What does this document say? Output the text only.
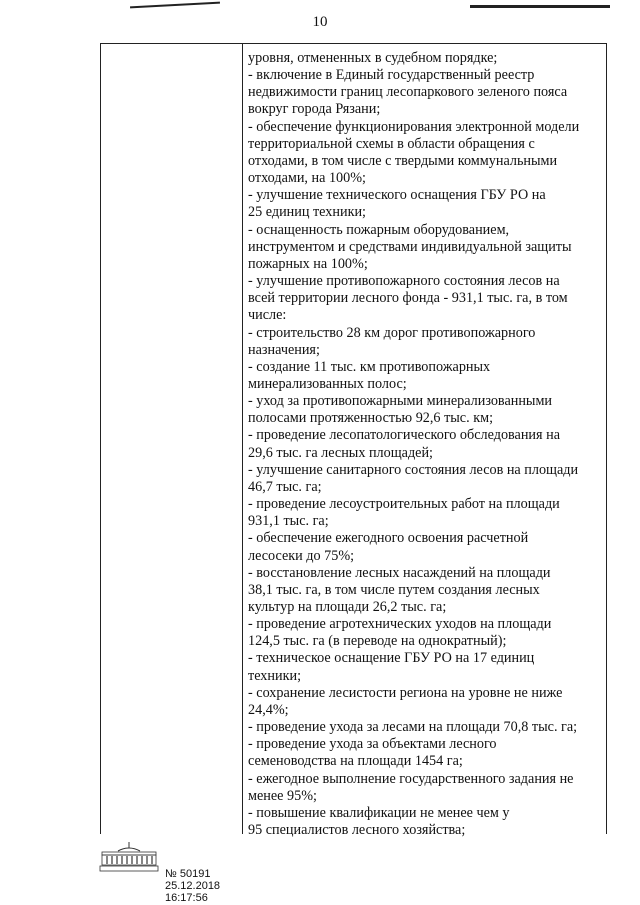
10
уровня, отмененных в судебном порядке;
- включение в Единый государственный реестр
недвижимости границ лесопаркового зеленого пояса
вокруг города Рязани;
- обеспечение функционирования электронной модели
территориальной схемы в области обращения с
отходами, в том числе с твердыми коммунальными
отходами, на 100%;
- улучшение технического оснащения ГБУ РО на
25 единиц техники;
- оснащенность пожарным оборудованием,
инструментом и средствами индивидуальной защиты
пожарных на 100%;
- улучшение противопожарного состояния лесов на
всей территории лесного фонда - 931,1 тыс. га, в том
числе:
- строительство 28 км дорог противопожарного
назначения;
- создание 11 тыс. км противопожарных
минерализованных полос;
- уход за противопожарными минерализованными
полосами протяженностью 92,6 тыс. км;
- проведение лесопатологического обследования на
29,6 тыс. га лесных площадей;
- улучшение санитарного состояния лесов на площади
46,7 тыс. га;
- проведение лесоустроительных работ на площади
931,1 тыс. га;
- обеспечение ежегодного освоения расчетной
лесосеки до 75%;
- восстановление лесных насаждений на площади
38,1 тыс. га, в том числе путем создания лесных
культур на площади 26,2 тыс. га;
- проведение агротехнических уходов на площади
124,5 тыс. га (в переводе на однократный);
- техническое оснащение ГБУ РО на 17 единиц
техники;
- сохранение лесистости региона на уровне не ниже
24,4%;
- проведение ухода за лесами на площади 70,8 тыс. га;
- проведение ухода за объектами лесного
семеноводства на площади 1454 га;
- ежегодное выполнение государственного задания не
менее 95%;
- повышение квалификации не менее чем у
95 специалистов лесного хозяйства;
№ 50191 25.12.2018 16:17:56
